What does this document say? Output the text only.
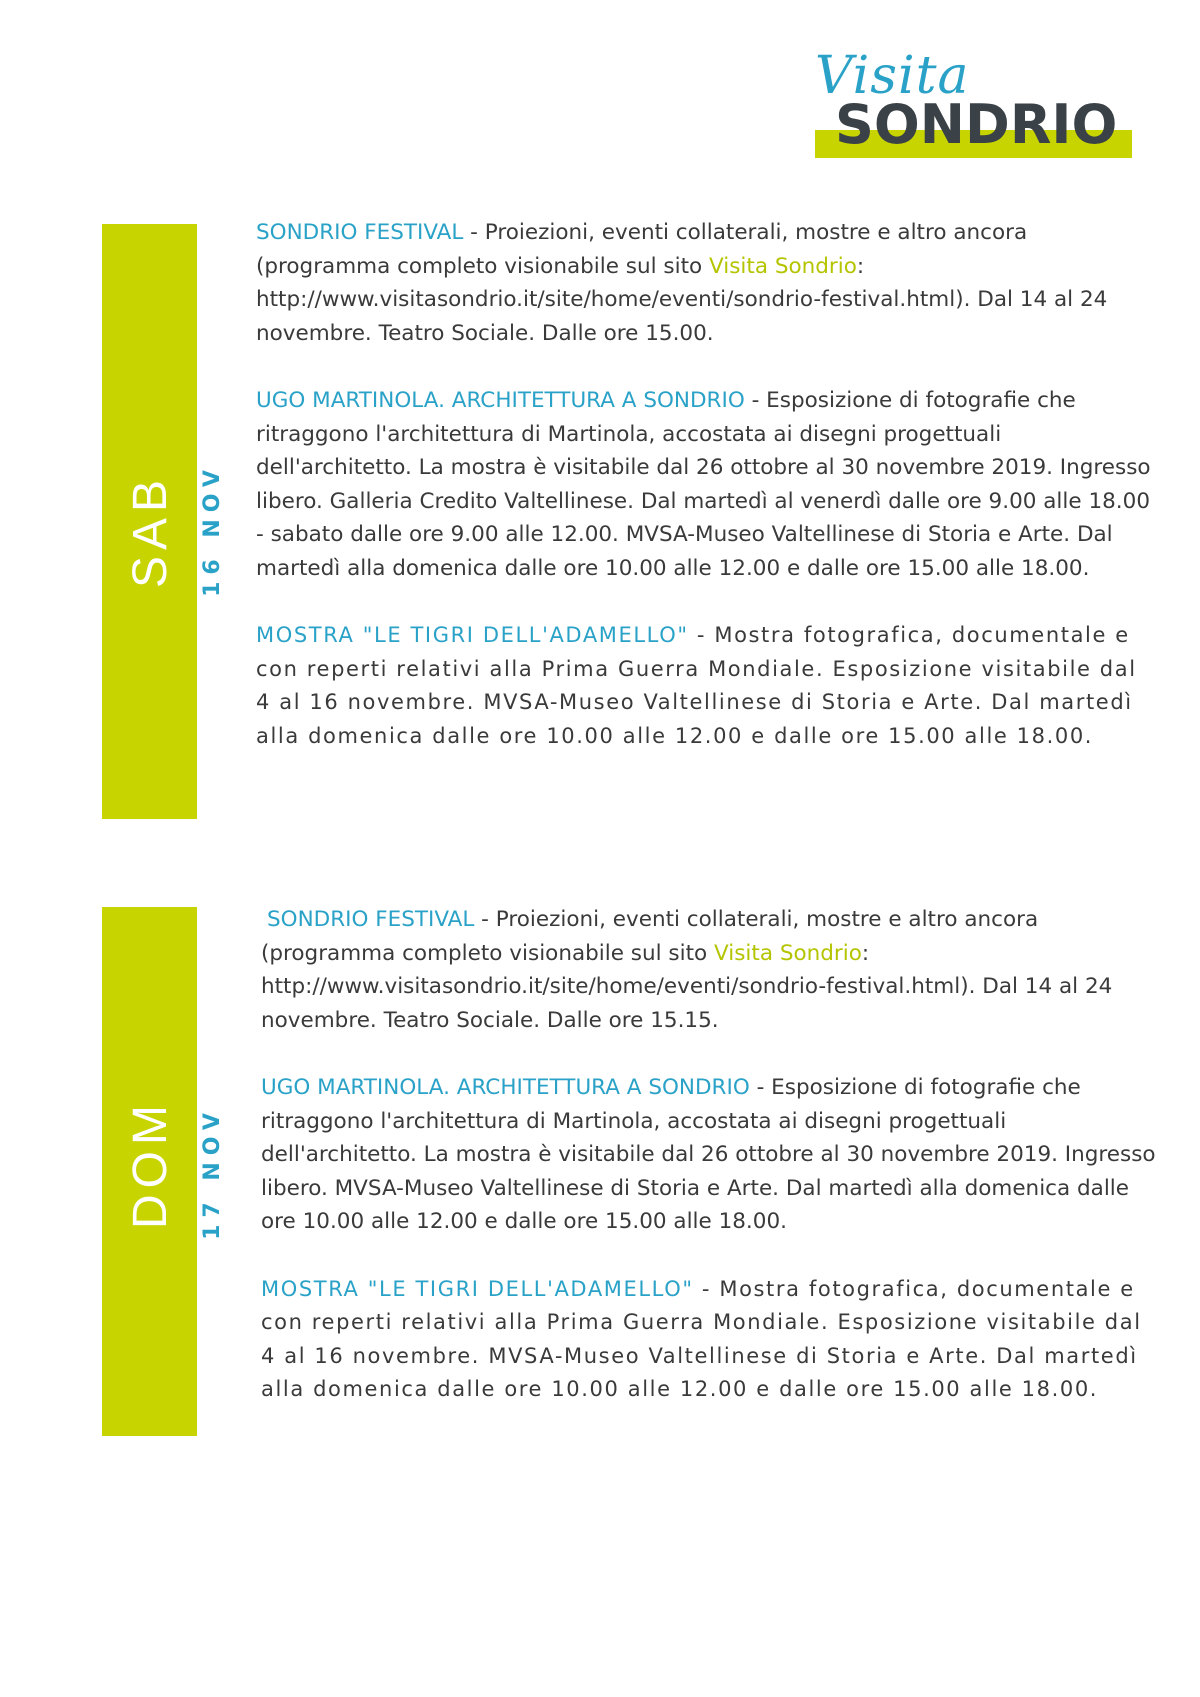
Visita
SONDRIO
SAB 16 NOV

SONDRIO FESTIVAL - Proiezioni, eventi collaterali, mostre e altro ancora (programma completo visionabile sul sito Visita Sondrio: http://www.visitasondrio.it/site/home/eventi/sondrio-festival.html). Dal 14 al 24 novembre. Teatro Sociale. Dalle ore 15.00.

UGO MARTINOLA. ARCHITETTURA A SONDRIO - Esposizione di fotografie che ritraggono l'architettura di Martinola, accostata ai disegni progettuali dell'architetto. La mostra è visitabile dal 26 ottobre al 30 novembre 2019. Ingresso libero. Galleria Credito Valtellinese. Dal martedì al venerdì dalle ore 9.00 alle 18.00 - sabato dalle ore 9.00 alle 12.00. MVSA-Museo Valtellinese di Storia e Arte. Dal martedì alla domenica dalle ore 10.00 alle 12.00 e dalle ore 15.00 alle 18.00.

MOSTRA "LE TIGRI DELL'ADAMELLO" - Mostra fotografica, documentale e con reperti relativi alla Prima Guerra Mondiale. Esposizione visitabile dal 4 al 16 novembre. MVSA-Museo Valtellinese di Storia e Arte. Dal martedì alla domenica dalle ore 10.00 alle 12.00 e dalle ore 15.00 alle 18.00.

DOM 17 NOV

SONDRIO FESTIVAL - Proiezioni, eventi collaterali, mostre e altro ancora (programma completo visionabile sul sito Visita Sondrio: http://www.visitasondrio.it/site/home/eventi/sondrio-festival.html). Dal 14 al 24 novembre. Teatro Sociale. Dalle ore 15.15.

UGO MARTINOLA. ARCHITETTURA A SONDRIO - Esposizione di fotografie che ritraggono l'architettura di Martinola, accostata ai disegni progettuali dell'architetto. La mostra è visitabile dal 26 ottobre al 30 novembre 2019. Ingresso libero. MVSA-Museo Valtellinese di Storia e Arte. Dal martedì alla domenica dalle ore 10.00 alle 12.00 e dalle ore 15.00 alle 18.00.

MOSTRA "LE TIGRI DELL'ADAMELLO" - Mostra fotografica, documentale e con reperti relativi alla Prima Guerra Mondiale. Esposizione visitabile dal 4 al 16 novembre. MVSA-Museo Valtellinese di Storia e Arte. Dal martedì alla domenica dalle ore 10.00 alle 12.00 e dalle ore 15.00 alle 18.00.
